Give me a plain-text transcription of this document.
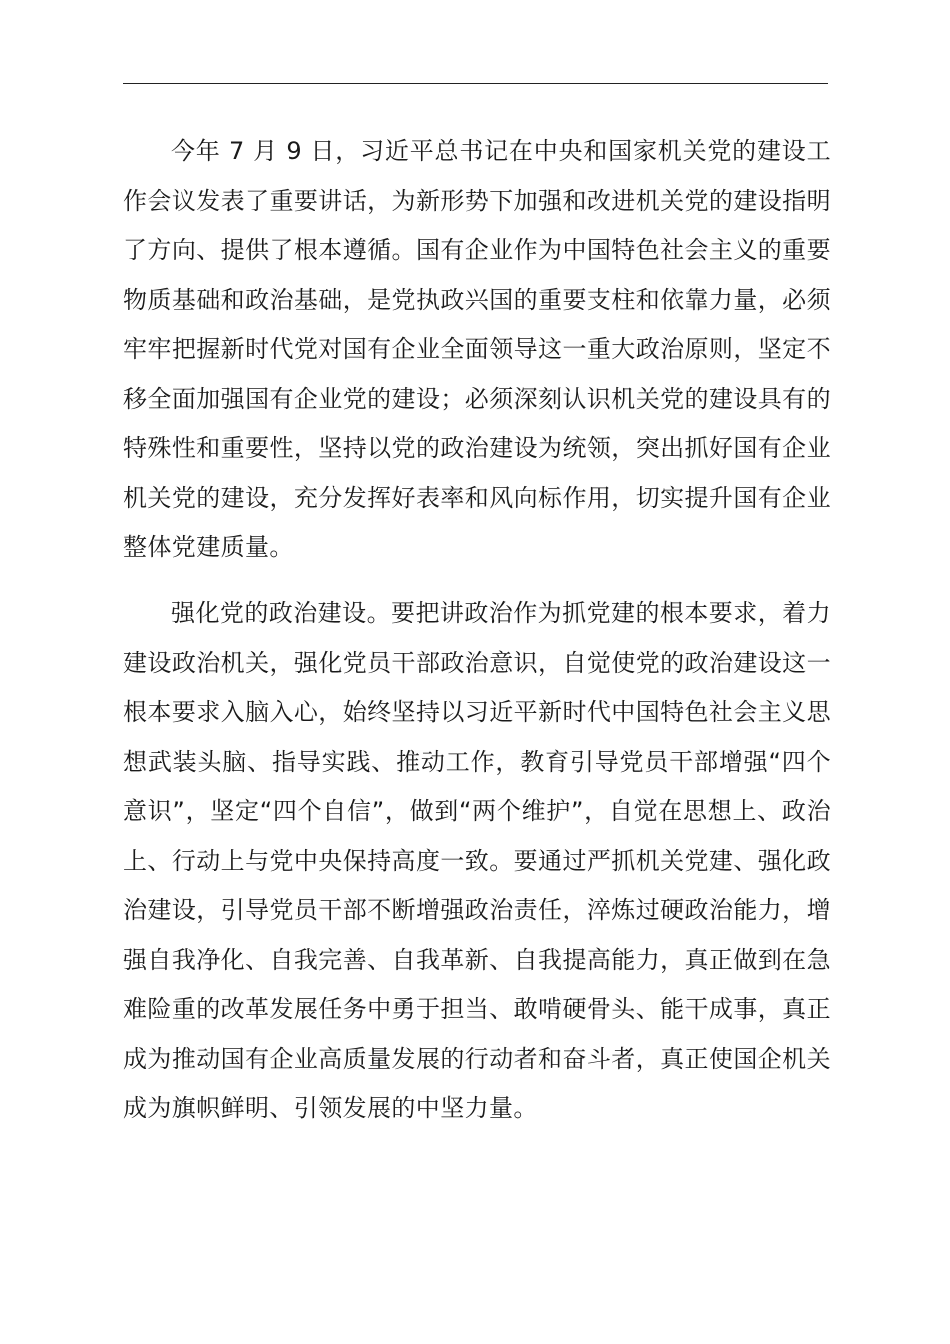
今年 7 月 9 日，习近平总书记在中央和国家机关党的建设工作会议发表了重要讲话，为新形势下加强和改进机关党的建设指明了方向、提供了根本遵循。国有企业作为中国特色社会主义的重要物质基础和政治基础，是党执政兴国的重要支柱和依靠力量，必须牢牢把握新时代党对国有企业全面领导这一重大政治原则，坚定不移全面加强国有企业党的建设；必须深刻认识机关党的建设具有的特殊性和重要性，坚持以党的政治建设为统领，突出抓好国有企业机关党的建设，充分发挥好表率和风向标作用，切实提升国有企业整体党建质量。

强化党的政治建设。要把讲政治作为抓党建的根本要求，着力建设政治机关，强化党员干部政治意识，自觉使党的政治建设这一根本要求入脑入心，始终坚持以习近平新时代中国特色社会主义思想武装头脑、指导实践、推动工作，教育引导党员干部增强“四个意识”，坚定“四个自信”，做到“两个维护”，自觉在思想上、政治上、行动上与党中央保持高度一致。要通过严抓机关党建、强化政治建设，引导党员干部不断增强政治责任，淬炼过硬政治能力，增强自我净化、自我完善、自我革新、自我提高能力，真正做到在急难险重的改革发展任务中勇于担当、敢啃硬骨头、能干成事，真正成为推动国有企业高质量发展的行动者和奋斗者，真正使国企机关成为旗帜鲜明、引领发展的中坚力量。
